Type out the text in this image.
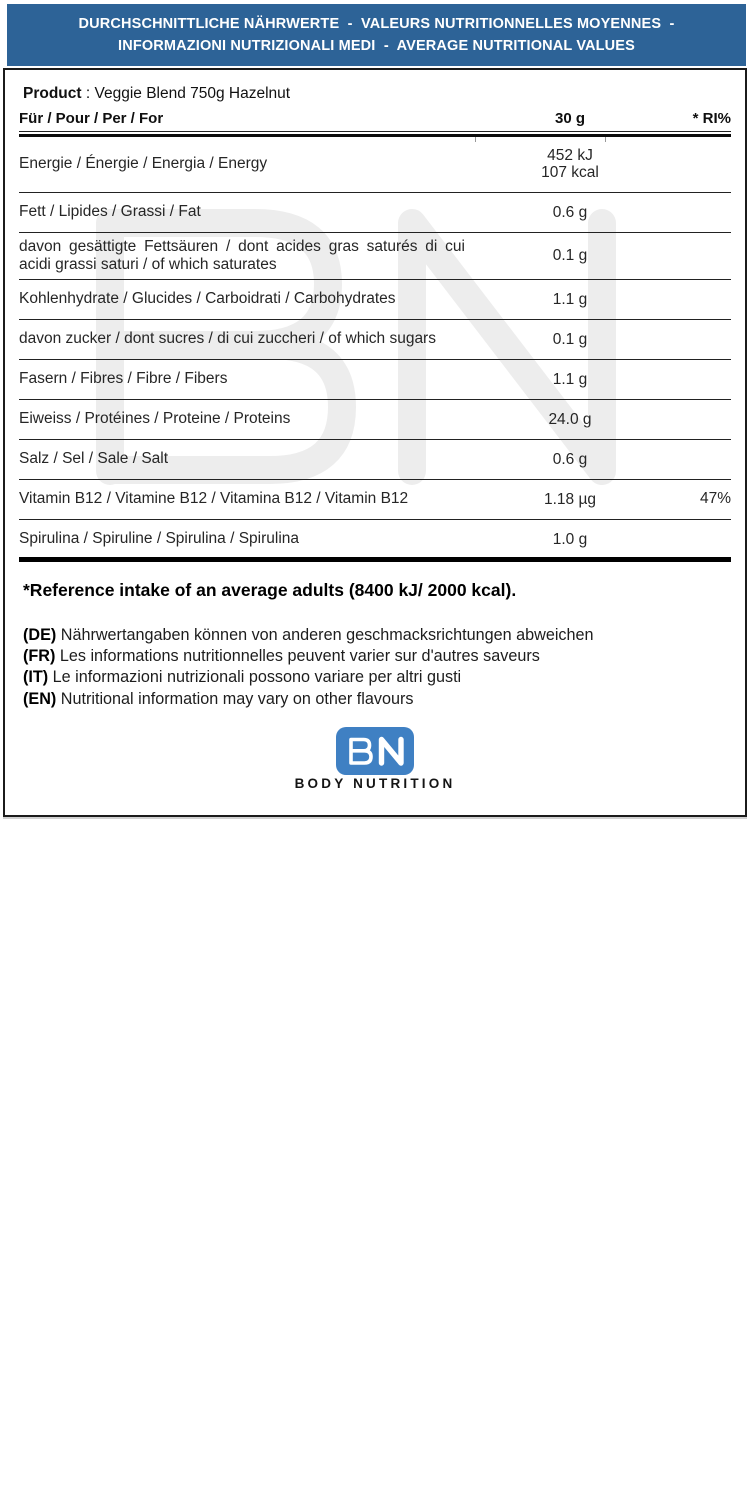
DURCHSCHNITTLICHE NÄHRWERTE  -  VALEURS NUTRITIONNELLES MOYENNES  -
INFORMAZIONI NUTRIZIONALI MEDI  -  AVERAGE NUTRITIONAL VALUES
Product : Veggie Blend 750g Hazelnut
Für / Pour / Per / For	30 g	* RI%
Energie / Énergie / Energia / Energy	452 kJ
107 kcal
Fett / Lipides / Grassi / Fat	0.6 g
davon gesättigte Fettsäuren / dont acides gras saturés di cui acidi grassi saturi / of which saturates	0.1 g
Kohlenhydrate / Glucides / Carboidrati / Carbohydrates	1.1 g
davon zucker / dont sucres / di cui zuccheri / of which sugars	0.1 g
Fasern / Fibres / Fibre / Fibers	1.1 g
Eiweiss / Protéines / Proteine / Proteins	24.0 g
Salz / Sel / Sale / Salt	0.6 g
Vitamin B12 / Vitamine B12 / Vitamina B12 / Vitamin B12	1.18 µg	47%
Spirulina / Spiruline / Spirulina / Spirulina	1.0 g
*Reference intake of an average adults (8400 kJ/ 2000 kcal).
(DE) Nährwertangaben können von anderen geschmacksrichtungen abweichen
(FR) Les informations nutritionnelles peuvent varier sur d'autres saveurs
(IT) Le informazioni nutrizionali possono variare per altri gusti
(EN) Nutritional information may vary on other flavours
BODY NUTRITION
